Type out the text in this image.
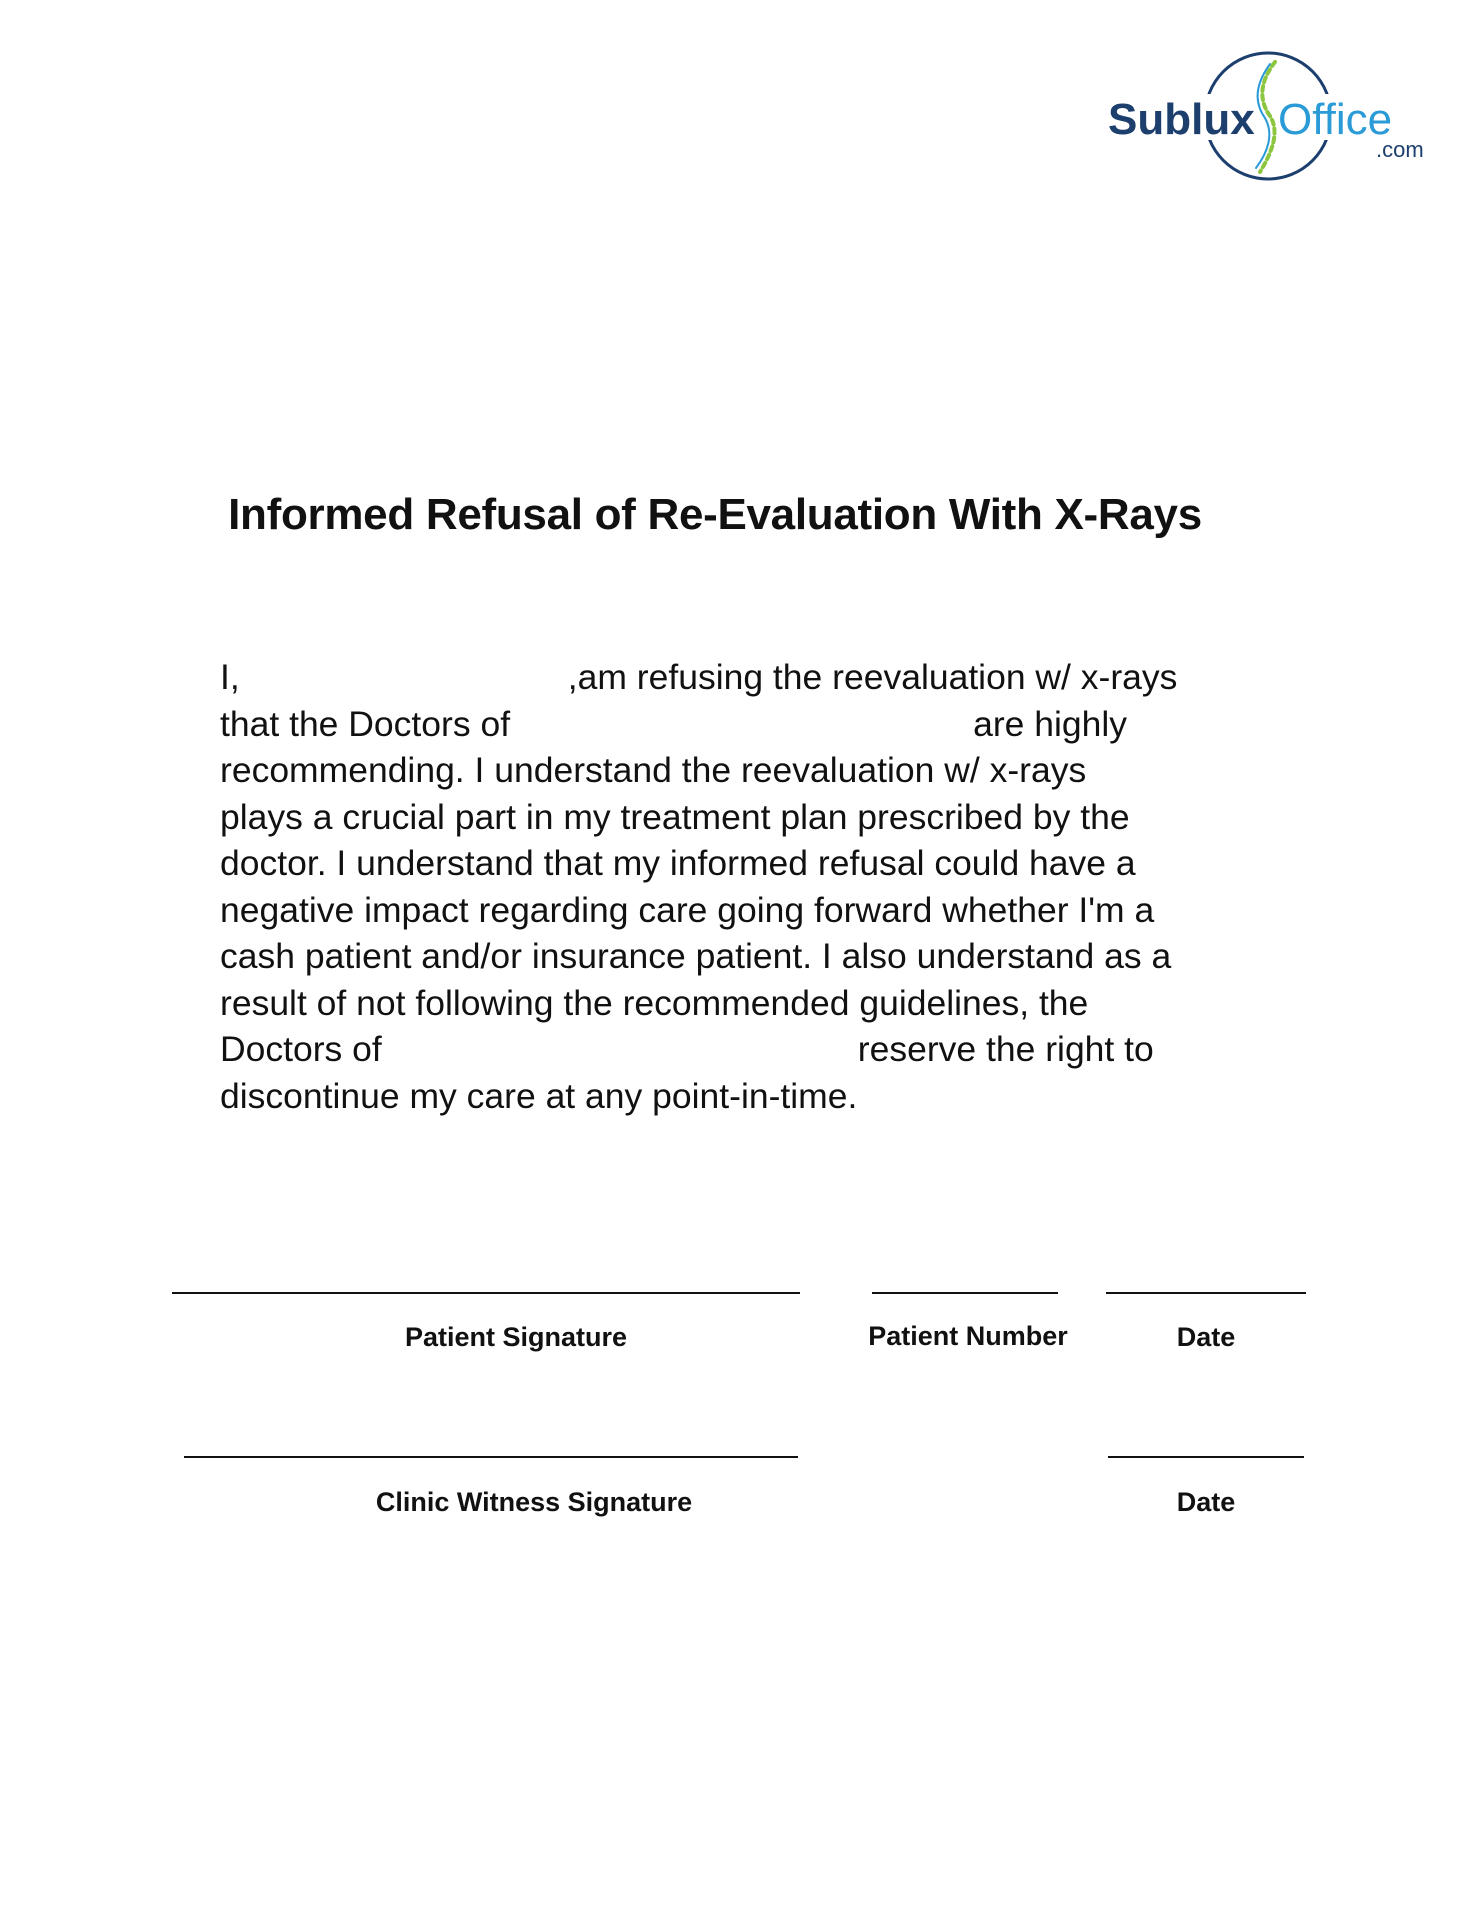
Sublux Office
.com
Informed Refusal of Re-Evaluation With X-Rays
I,	,am refusing the reevaluation w/ x-rays
that the Doctors of	are highly
recommending. I understand the reevaluation w/ x-rays
plays a crucial part in my treatment plan prescribed by the
doctor. I understand that my informed refusal could have a
negative impact regarding care going forward whether I'm a
cash patient and/or insurance patient. I also understand as a
result of not following the recommended guidelines, the
Doctors of	reserve the right to
discontinue my care at any point-in-time.
Patient Signature	Patient Number	Date
Clinic Witness Signature	Date
